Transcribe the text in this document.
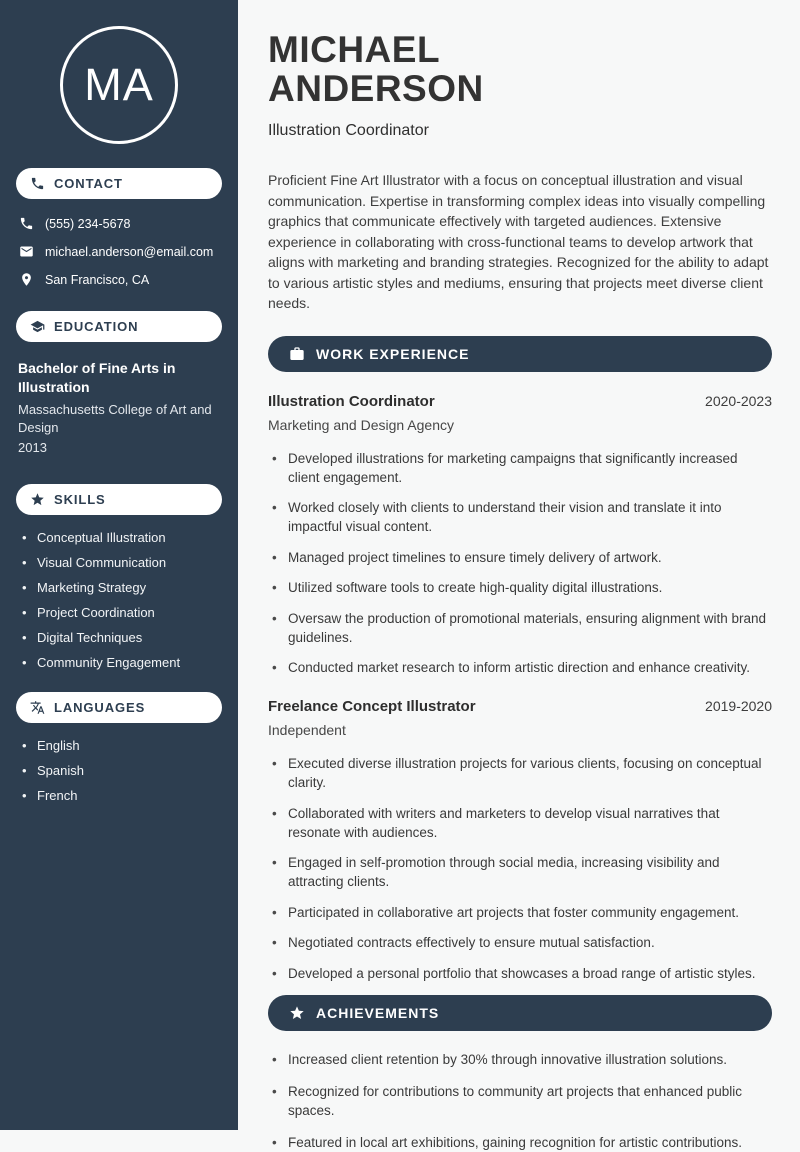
MA
CONTACT
(555) 234-5678
michael.anderson@email.com
San Francisco, CA
EDUCATION
Bachelor of Fine Arts in Illustration
Massachusetts College of Art and Design
2013
SKILLS
• Conceptual Illustration
• Visual Communication
• Marketing Strategy
• Project Coordination
• Digital Techniques
• Community Engagement
LANGUAGES
• English
• Spanish
• French
MICHAEL
ANDERSON
Illustration Coordinator

Proficient Fine Art Illustrator with a focus on conceptual illustration and visual communication. Expertise in transforming complex ideas into visually compelling graphics that communicate effectively with targeted audiences. Extensive experience in collaborating with cross-functional teams to develop artwork that aligns with marketing and branding strategies. Recognized for the ability to adapt to various artistic styles and mediums, ensuring that projects meet diverse client needs.

WORK EXPERIENCE
Illustration Coordinator	2020-2023
Marketing and Design Agency
• Developed illustrations for marketing campaigns that significantly increased client engagement.
• Worked closely with clients to understand their vision and translate it into impactful visual content.
• Managed project timelines to ensure timely delivery of artwork.
• Utilized software tools to create high-quality digital illustrations.
• Oversaw the production of promotional materials, ensuring alignment with brand guidelines.
• Conducted market research to inform artistic direction and enhance creativity.
Freelance Concept Illustrator	2019-2020
Independent
• Executed diverse illustration projects for various clients, focusing on conceptual clarity.
• Collaborated with writers and marketers to develop visual narratives that resonate with audiences.
• Engaged in self-promotion through social media, increasing visibility and attracting clients.
• Participated in collaborative art projects that foster community engagement.
• Negotiated contracts effectively to ensure mutual satisfaction.
• Developed a personal portfolio that showcases a broad range of artistic styles.
ACHIEVEMENTS
• Increased client retention by 30% through innovative illustration solutions.
• Recognized for contributions to community art projects that enhanced public spaces.
• Featured in local art exhibitions, gaining recognition for artistic contributions.
